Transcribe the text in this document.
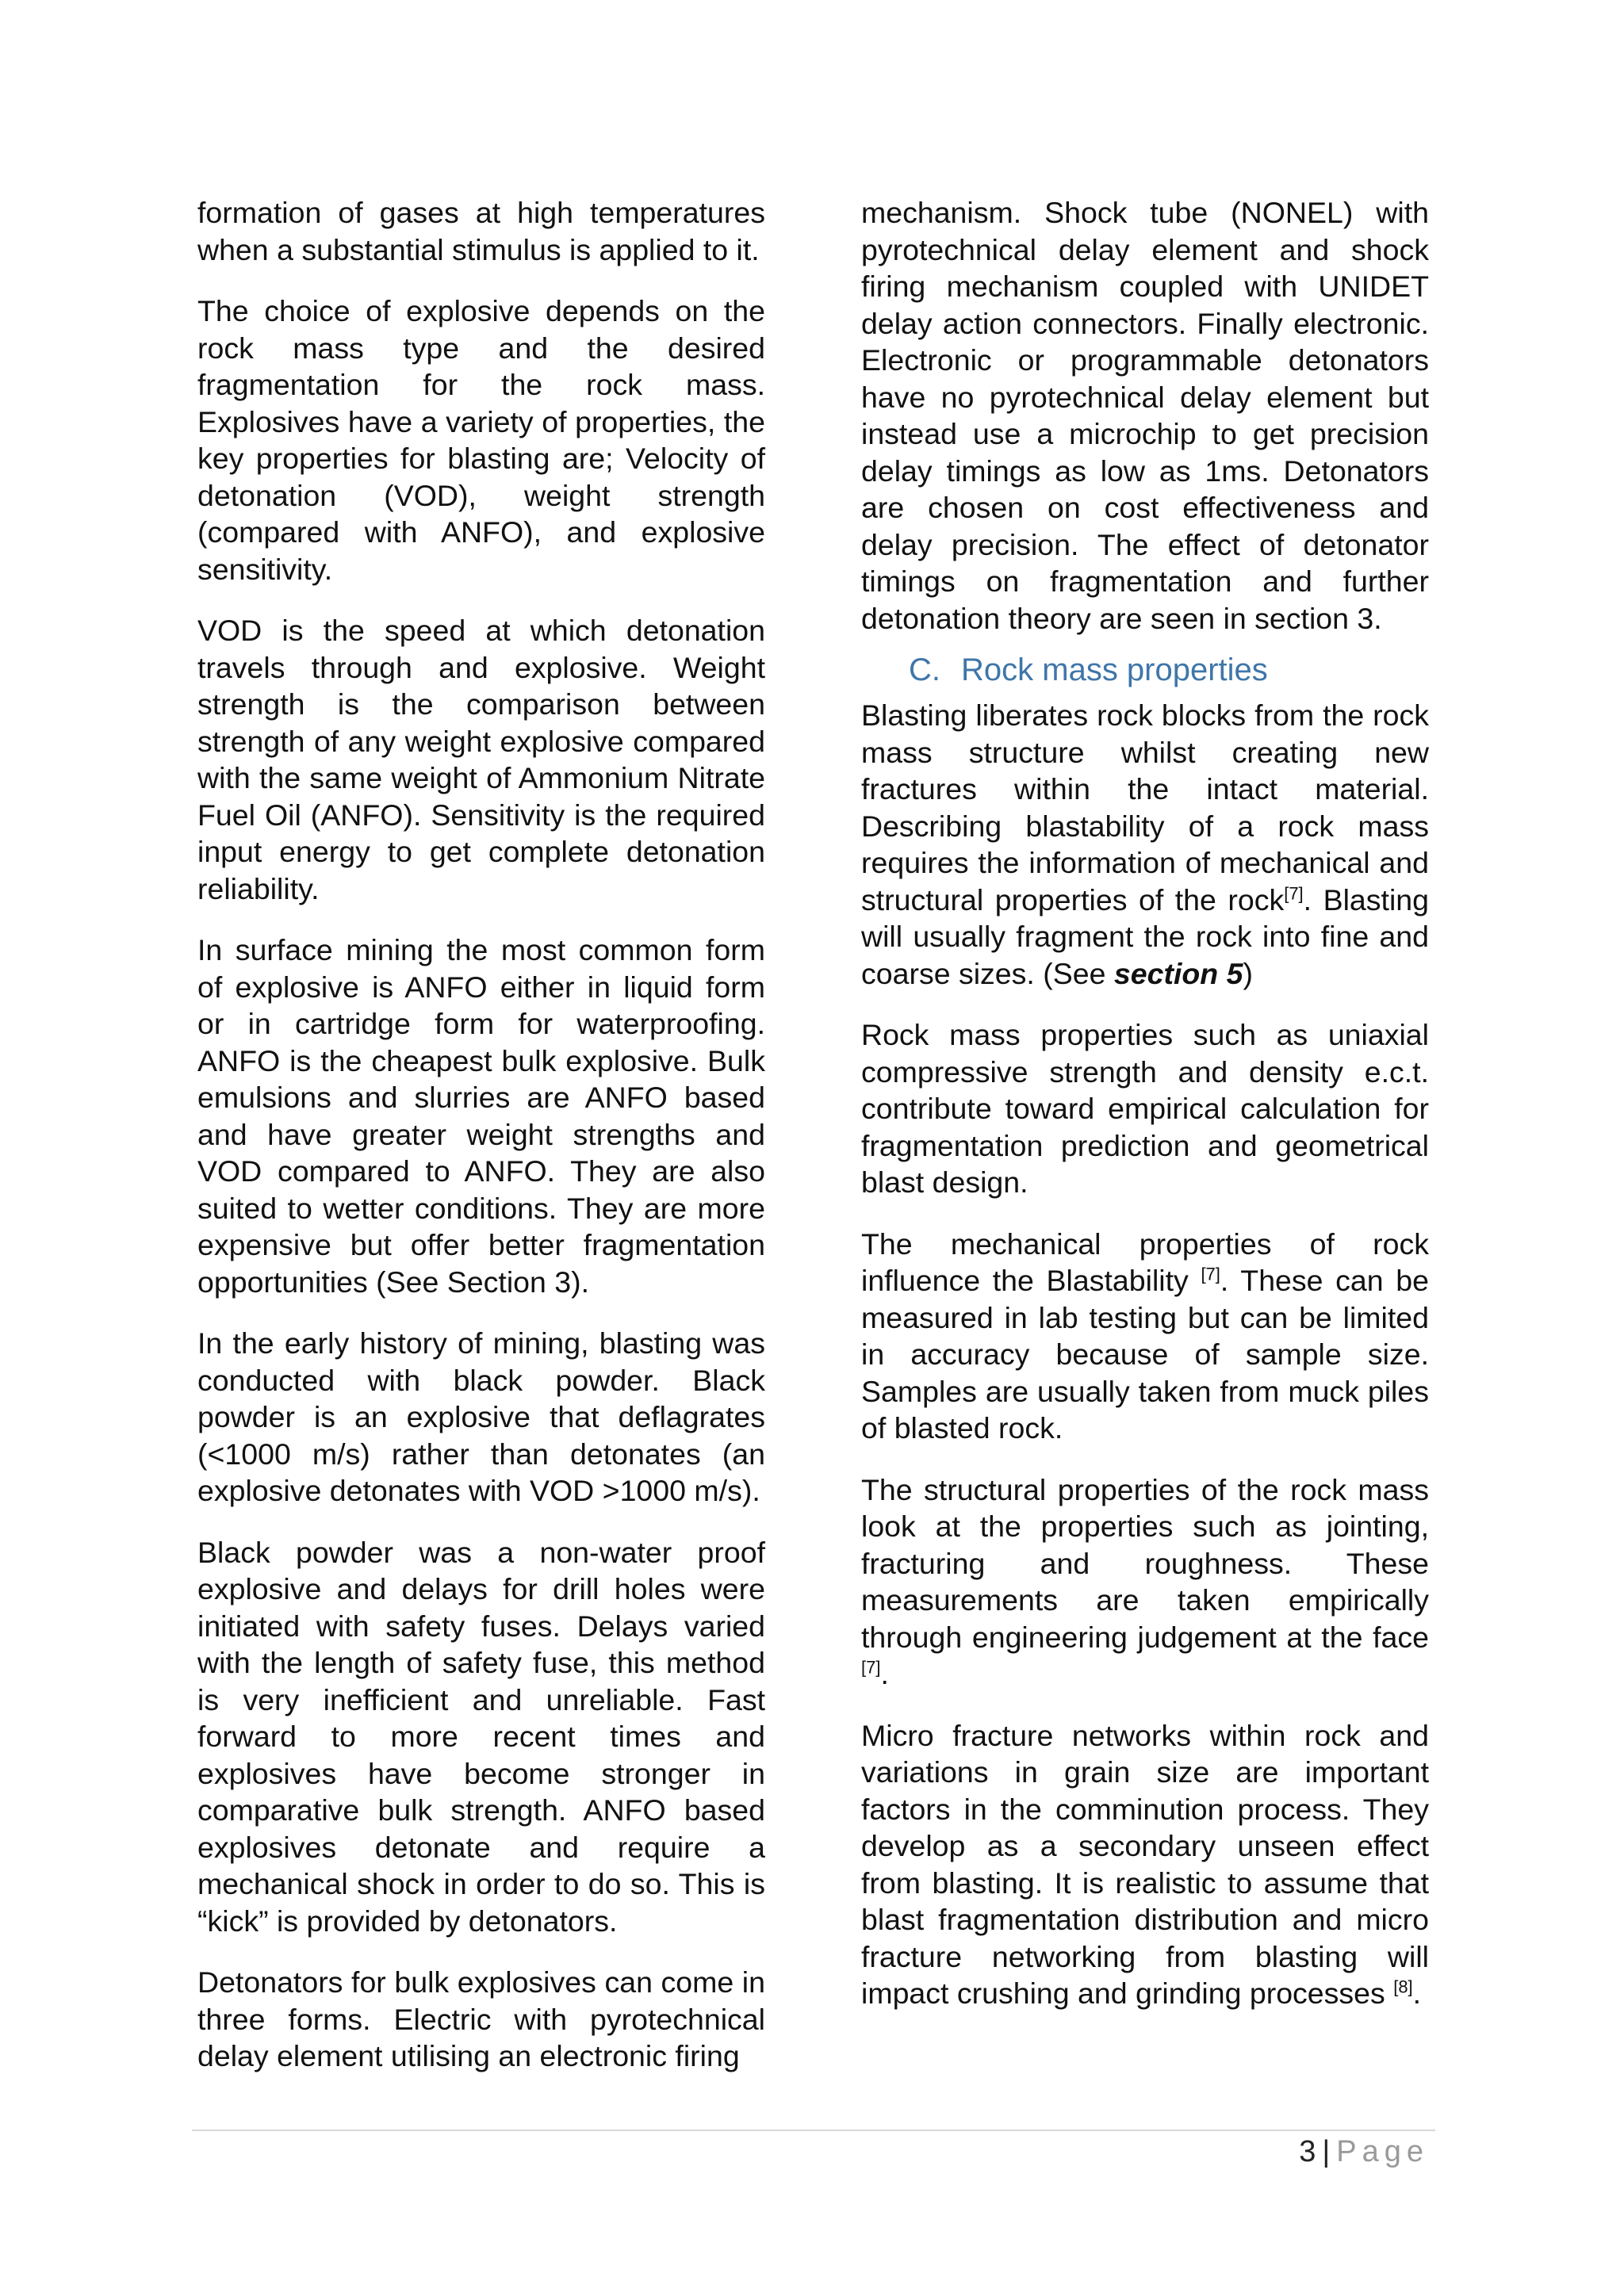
formation of gases at high temperatures when a substantial stimulus is applied to it.

The choice of explosive depends on the rock mass type and the desired fragmentation for the rock mass. Explosives have a variety of properties, the key properties for blasting are; Velocity of detonation (VOD), weight strength (compared with ANFO), and explosive sensitivity.

VOD is the speed at which detonation travels through and explosive. Weight strength is the comparison between strength of any weight explosive compared with the same weight of Ammonium Nitrate Fuel Oil (ANFO). Sensitivity is the required input energy to get complete detonation reliability.

In surface mining the most common form of explosive is ANFO either in liquid form or in cartridge form for waterproofing. ANFO is the cheapest bulk explosive. Bulk emulsions and slurries are ANFO based and have greater weight strengths and VOD compared to ANFO. They are also suited to wetter conditions. They are more expensive but offer better fragmentation opportunities (See Section 3).

In the early history of mining, blasting was conducted with black powder. Black powder is an explosive that deflagrates (<1000 m/s) rather than detonates (an explosive detonates with VOD >1000 m/s).

Black powder was a non-water proof explosive and delays for drill holes were initiated with safety fuses. Delays varied with the length of safety fuse, this method is very inefficient and unreliable. Fast forward to more recent times and explosives have become stronger in comparative bulk strength. ANFO based explosives detonate and require a mechanical shock in order to do so. This is “kick” is provided by detonators.

Detonators for bulk explosives can come in three forms. Electric with pyrotechnical delay element utilising an electronic firing

mechanism. Shock tube (NONEL) with pyrotechnical delay element and shock firing mechanism coupled with UNIDET delay action connectors. Finally electronic. Electronic or programmable detonators have no pyrotechnical delay element but instead use a microchip to get precision delay timings as low as 1ms. Detonators are chosen on cost effectiveness and delay precision. The effect of detonator timings on fragmentation and further detonation theory are seen in section 3.

C. Rock mass properties

Blasting liberates rock blocks from the rock mass structure whilst creating new fractures within the intact material. Describing blastability of a rock mass requires the information of mechanical and structural properties of the rock[7]. Blasting will usually fragment the rock into fine and coarse sizes. (See section 5)

Rock mass properties such as uniaxial compressive strength and density e.c.t. contribute toward empirical calculation for fragmentation prediction and geometrical blast design.

The mechanical properties of rock influence the Blastability [7]. These can be measured in lab testing but can be limited in accuracy because of sample size. Samples are usually taken from muck piles of blasted rock.

The structural properties of the rock mass look at the properties such as jointing, fracturing and roughness. These measurements are taken empirically through engineering judgement at the face [7].

Micro fracture networks within rock and variations in grain size are important factors in the comminution process. They develop as a secondary unseen effect from blasting. It is realistic to assume that blast fragmentation distribution and micro fracture networking from blasting will impact crushing and grinding processes [8].

3 | Page
